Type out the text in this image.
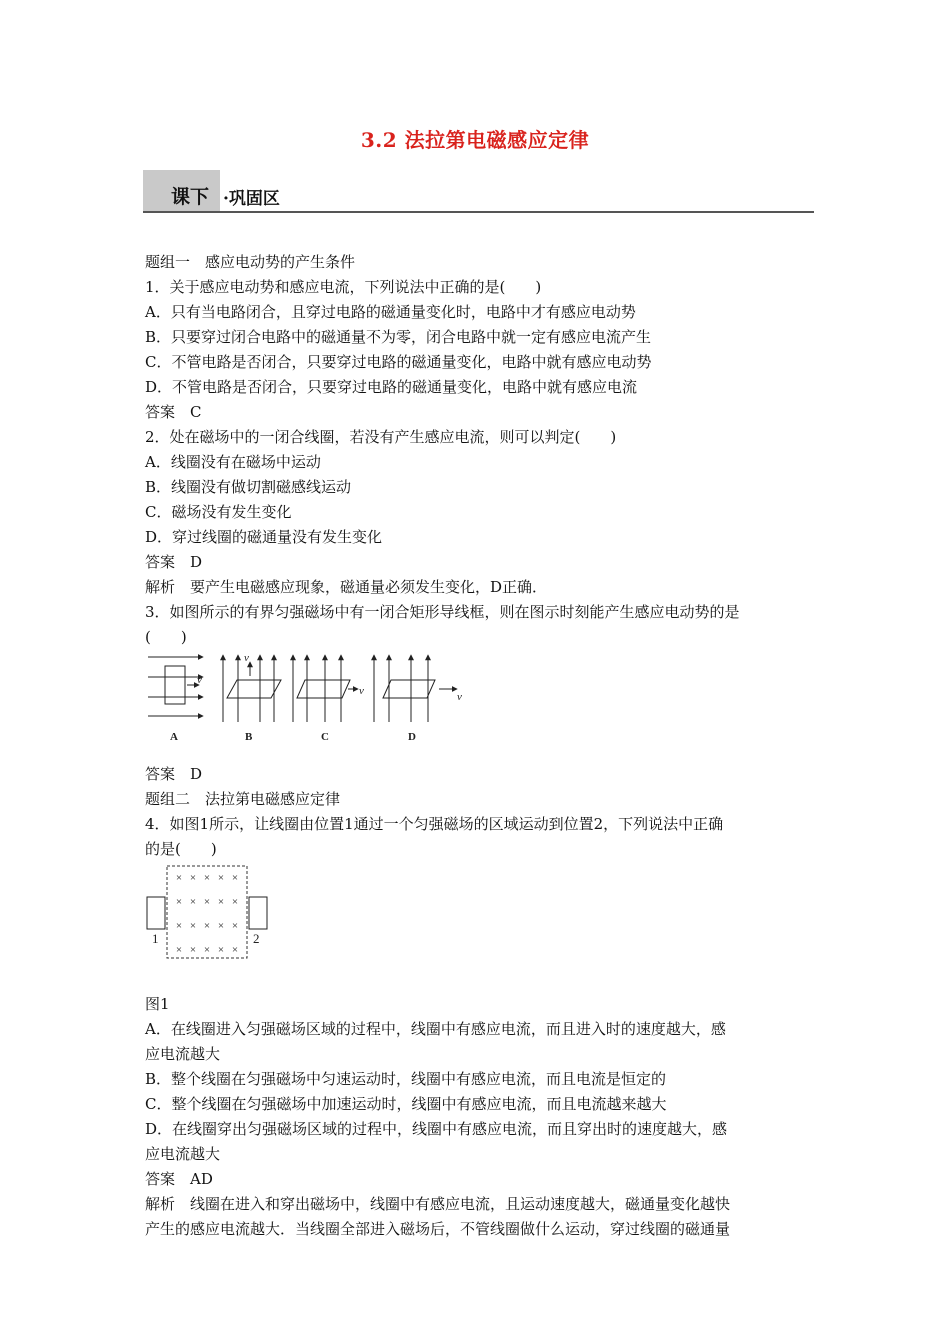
3.2 法拉第电磁感应定律
课下 ·巩固区
题组一　感应电动势的产生条件
1．关于感应电动势和感应电流，下列说法中正确的是(　　)
A．只有当电路闭合，且穿过电路的磁通量变化时，电路中才有感应电动势
B．只要穿过闭合电路中的磁通量不为零，闭合电路中就一定有感应电流产生
C．不管电路是否闭合，只要穿过电路的磁通量变化，电路中就有感应电动势
D．不管电路是否闭合，只要穿过电路的磁通量变化，电路中就有感应电流
答案　C
2．处在磁场中的一闭合线圈，若没有产生感应电流，则可以判定(　　)
A．线圈没有在磁场中运动
B．线圈没有做切割磁感线运动
C．磁场没有发生变化
D．穿过线圈的磁通量没有发生变化
答案　D
解析　要产生电磁感应现象，磁通量必须发生变化，D正确．
3．如图所示的有界匀强磁场中有一闭合矩形导线框，则在图示时刻能产生感应电动势的是
(　　)
v
v
v	v
A	B	C	D
答案　D
题组二　法拉第电磁感应定律
4．如图1所示，让线圈由位置1通过一个匀强磁场的区域运动到位置2，下列说法中正确
的是(　　)
× × × × ×
× × × × ×
× × × × ×
× × × × ×
1	2
图1
A．在线圈进入匀强磁场区域的过程中，线圈中有感应电流，而且进入时的速度越大，感
应电流越大
B．整个线圈在匀强磁场中匀速运动时，线圈中有感应电流，而且电流是恒定的
C．整个线圈在匀强磁场中加速运动时，线圈中有感应电流，而且电流越来越大
D．在线圈穿出匀强磁场区域的过程中，线圈中有感应电流，而且穿出时的速度越大，感
应电流越大
答案　AD
解析　线圈在进入和穿出磁场中，线圈中有感应电流，且运动速度越大，磁通量变化越快
产生的感应电流越大．当线圈全部进入磁场后，不管线圈做什么运动，穿过线圈的磁通量
